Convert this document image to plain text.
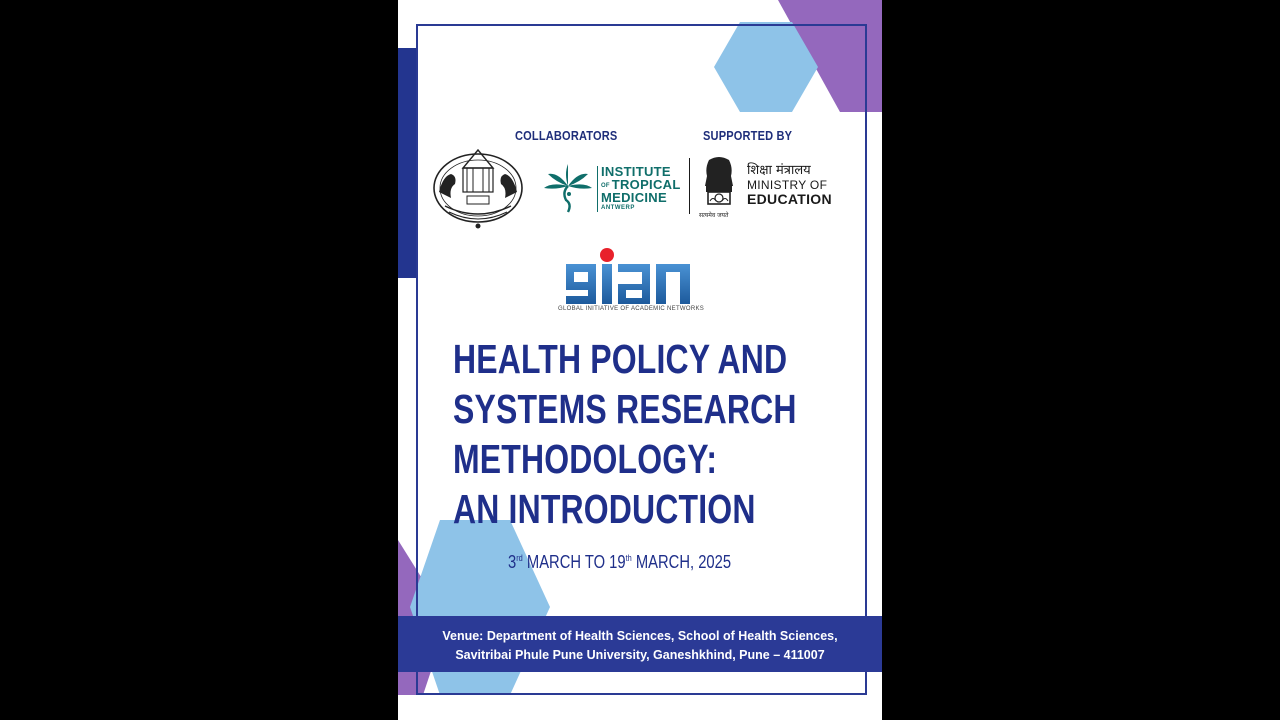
COLLABORATORS	SUPPORTED BY
INSTITUTE
OF TROPICAL
MEDICINE
ANTWERP
सत्यमेव जयते
शिक्षा मंत्रालय
MINISTRY OF
EDUCATION
GLOBAL INITIATIVE OF ACADEMIC NETWORKS
HEALTH POLICY AND
SYSTEMS RESEARCH
METHODOLOGY:
AN INTRODUCTION
3rd MARCH TO 19th MARCH, 2025
Venue: Department of Health Sciences, School of Health Sciences,
Savitribai Phule Pune University, Ganeshkhind, Pune – 411007
